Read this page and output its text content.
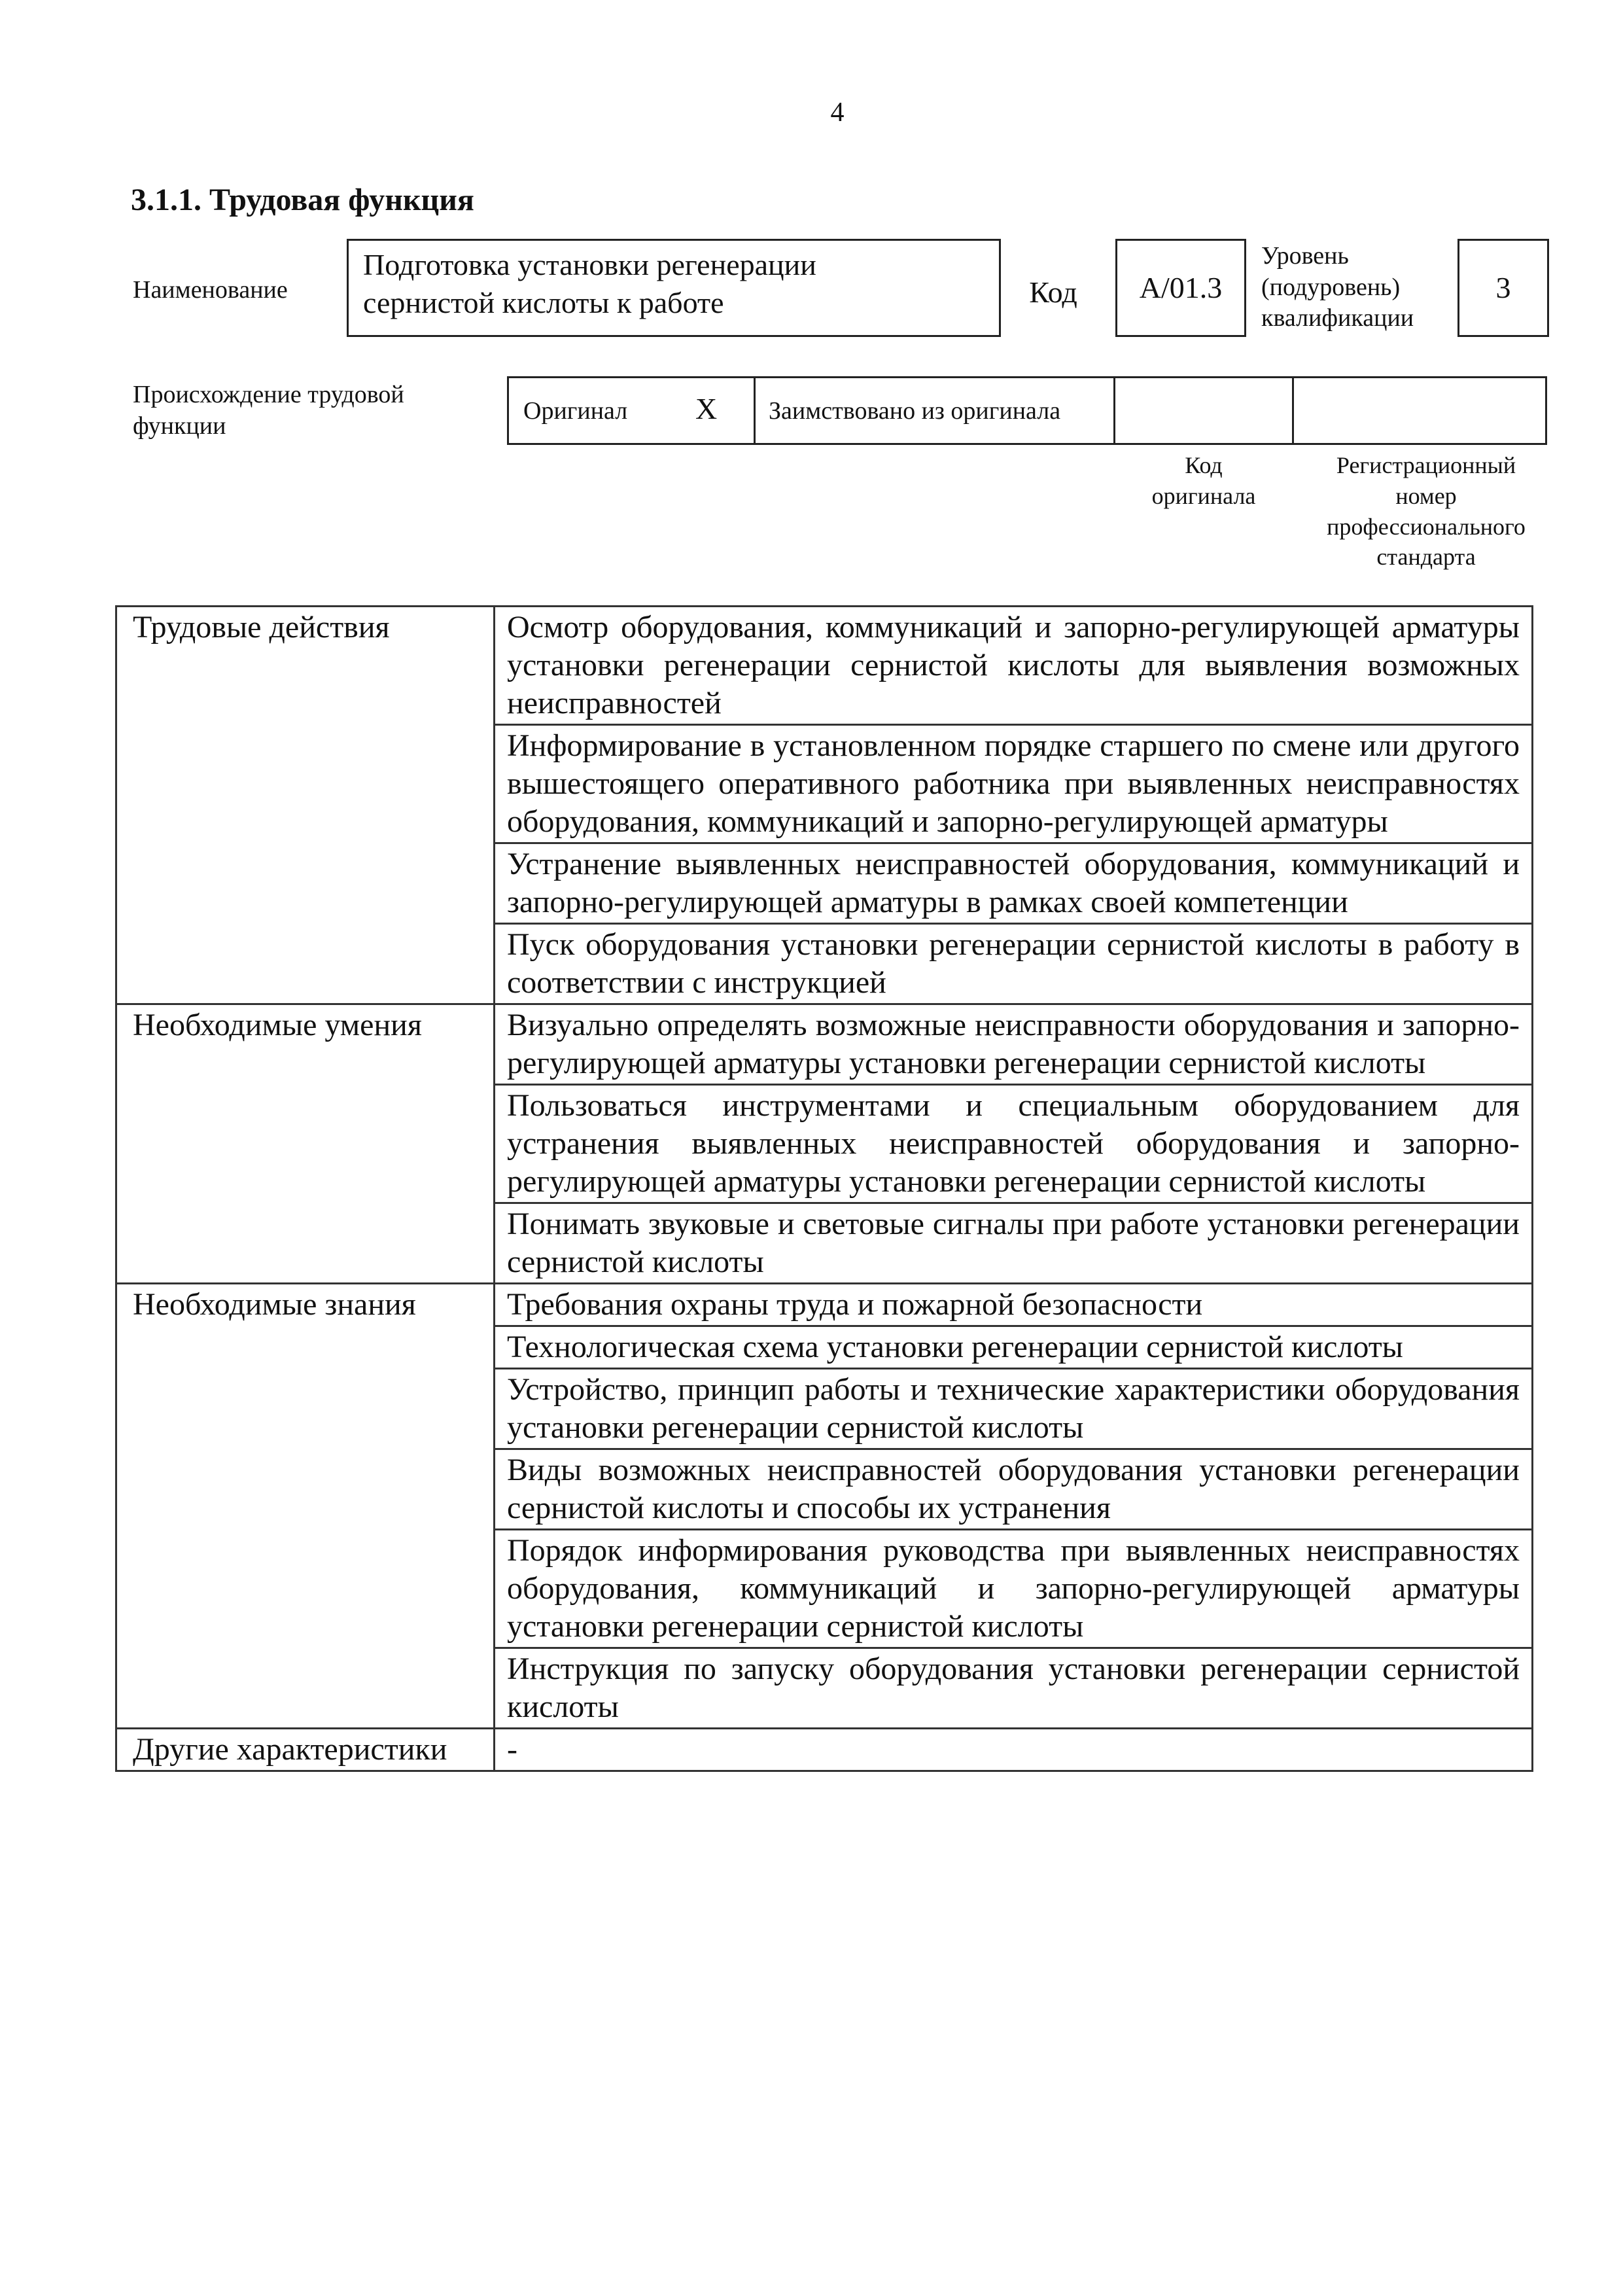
4
3.1.1. Трудовая функция
Наименование
Подготовка установки регенерации
сернистой кислоты к работе	Код	А/01.3
Уровень
(подуровень)
квалификации
3
Происхождение трудовой
функции
Оригинал X Заимствовано из оригинала
Код
оригинала
Регистрационный
номер
профессионального
стандарта
Трудовые действия	Осмотр оборудования, коммуникаций и запорно-регулирующей арматуры установки регенерации сернистой кислоты для выявления возможных неисправностей
	Информирование в установленном порядке старшего по смене или другого вышестоящего оперативного работника при выявленных неисправностях оборудования, коммуникаций и запорно-регулирующей арматуры
	Устранение выявленных неисправностей оборудования, коммуникаций и запорно-регулирующей арматуры в рамках своей компетенции
	Пуск оборудования установки регенерации сернистой кислоты в работу в соответствии с инструкцией
Необходимые умения	Визуально определять возможные неисправности оборудования и запорно-регулирующей арматуры установки регенерации сернистой кислоты
	Пользоваться инструментами и специальным оборудованием для устранения выявленных неисправностей оборудования и запорно-регулирующей арматуры установки регенерации сернистой кислоты
	Понимать звуковые и световые сигналы при работе установки регенерации сернистой кислоты
Необходимые знания	Требования охраны труда и пожарной безопасности
	Технологическая схема установки регенерации сернистой кислоты
	Устройство, принцип работы и технические характеристики оборудования установки регенерации сернистой кислоты
	Виды возможных неисправностей оборудования установки регенерации сернистой кислоты и способы их устранения
	Порядок информирования руководства при выявленных неисправностях оборудования, коммуникаций и запорно-регулирующей арматуры установки регенерации сернистой кислоты
	Инструкция по запуску оборудования установки регенерации сернистой кислоты
Другие характеристики	-
